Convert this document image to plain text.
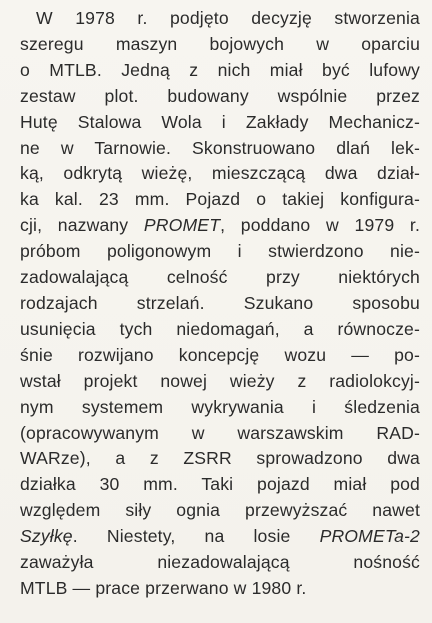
W 1978 r. podjęto decyzję stworzenia
szeregu maszyn bojowych w oparciu
o MTLB. Jedną z nich miał być lufowy
zestaw plot. budowany wspólnie przez
Hutę Stalowa Wola i Zakłady Mechanicz-
ne w Tarnowie. Skonstruowano dlań lek-
ką, odkrytą wieżę, mieszczącą dwa dział-
ka kal. 23 mm. Pojazd o takiej konfigura-
cji, nazwany PROMET, poddano w 1979 r.
próbom poligonowym i stwierdzono nie-
zadowalającą celność przy niektórych
rodzajach strzelań. Szukano sposobu
usunięcia tych niedomagań, a równocze-
śnie rozwijano koncepcję wozu — po-
wstał projekt nowej wieży z radiolokcyj-
nym systemem wykrywania i śledzenia
(opracowywanym w warszawskim RAD-
WARze), a z ZSRR sprowadzono dwa
działka 30 mm. Taki pojazd miał pod
względem siły ognia przewyższać nawet
Szyłkę. Niestety, na losie PROMETa-2
zaważyła niezadowalającą nośność
MTLB — prace przerwano w 1980 r.
